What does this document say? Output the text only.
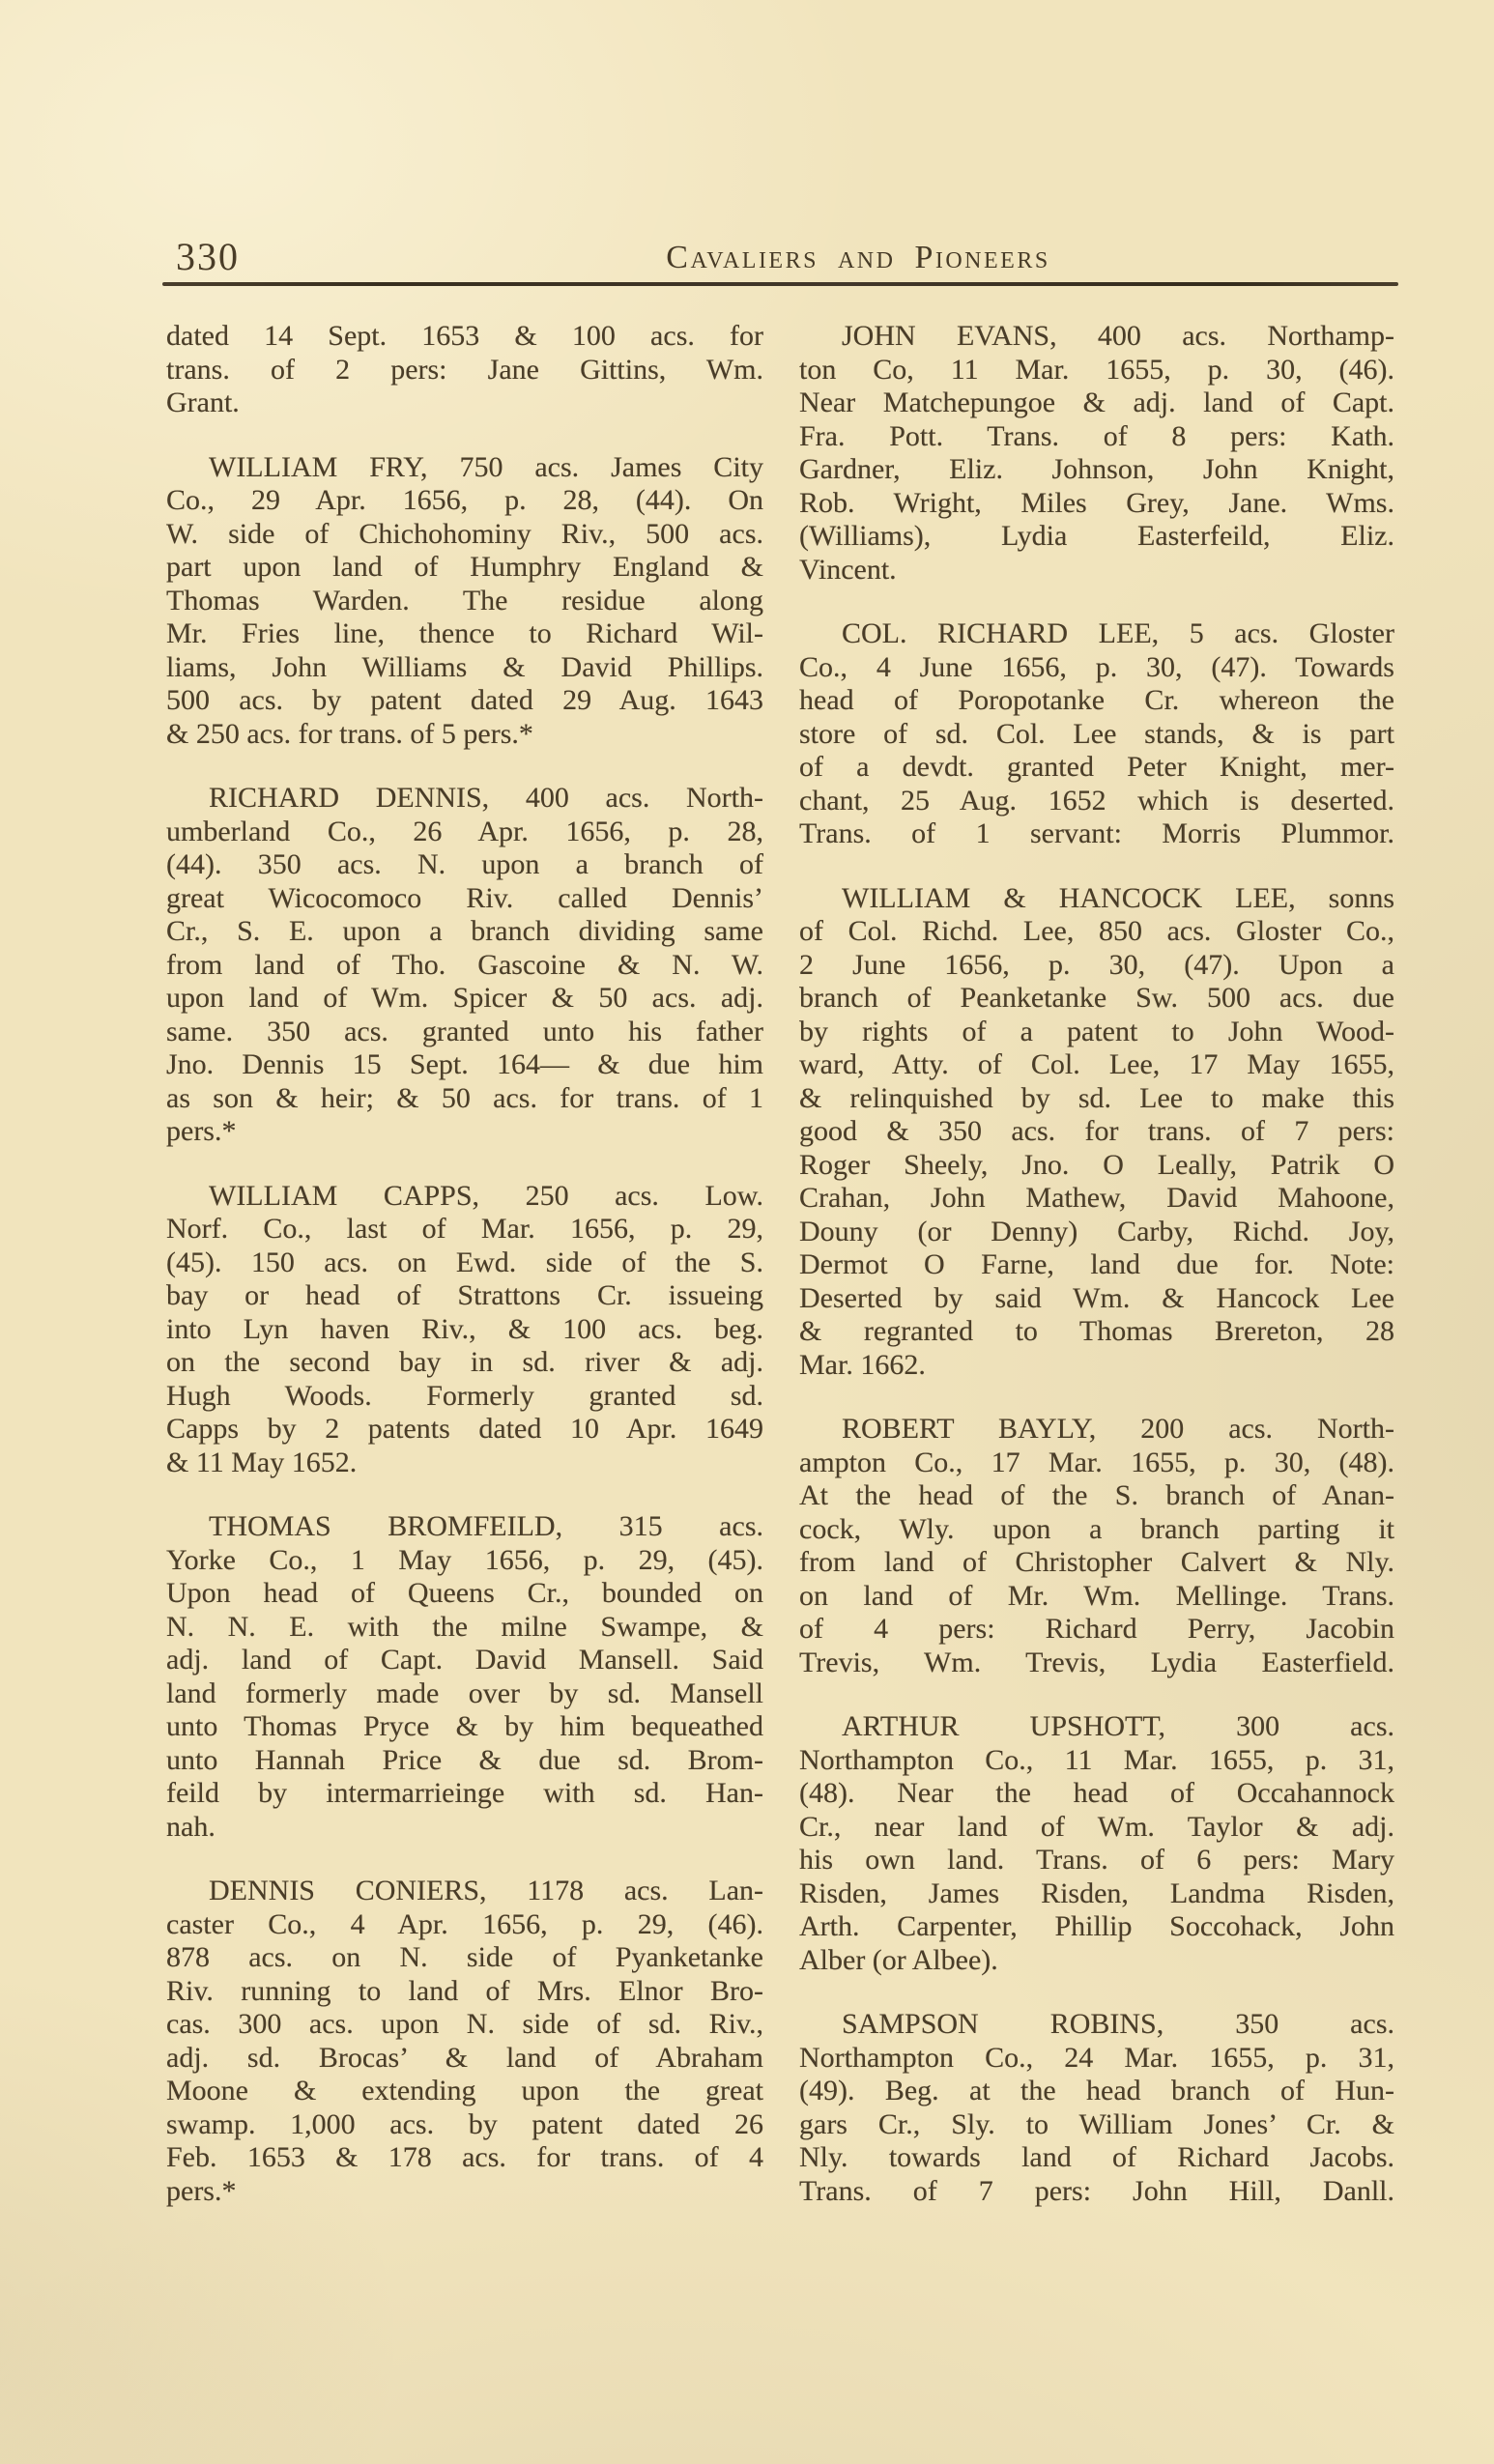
330	Cavaliers and Pioneers

dated 14 Sept. 1653 & 100 acs. for
trans. of 2 pers: Jane Gittins, Wm.
Grant.

WILLIAM FRY, 750 acs. James City
Co., 29 Apr. 1656, p. 28, (44). On
W. side of Chichohominy Riv., 500 acs.
part upon land of Humphry England &
Thomas Warden. The residue along
Mr. Fries line, thence to Richard Wil-
liams, John Williams & David Phillips.
500 acs. by patent dated 29 Aug. 1643
& 250 acs. for trans. of 5 pers.*

RICHARD DENNIS, 400 acs. North-
umberland Co., 26 Apr. 1656, p. 28,
(44). 350 acs. N. upon a branch of
great Wicocomoco Riv. called Dennis’
Cr., S. E. upon a branch dividing same
from land of Tho. Gascoine & N. W.
upon land of Wm. Spicer & 50 acs. adj.
same. 350 acs. granted unto his father
Jno. Dennis 15 Sept. 164— & due him
as son & heir; & 50 acs. for trans. of 1
pers.*

WILLIAM CAPPS, 250 acs. Low.
Norf. Co., last of Mar. 1656, p. 29,
(45). 150 acs. on Ewd. side of the S.
bay or head of Strattons Cr. issueing
into Lyn haven Riv., & 100 acs. beg.
on the second bay in sd. river & adj.
Hugh Woods. Formerly granted sd.
Capps by 2 patents dated 10 Apr. 1649
& 11 May 1652.

THOMAS BROMFEILD, 315 acs.
Yorke Co., 1 May 1656, p. 29, (45).
Upon head of Queens Cr., bounded on
N. N. E. with the milne Swampe, &
adj. land of Capt. David Mansell. Said
land formerly made over by sd. Mansell
unto Thomas Pryce & by him bequeathed
unto Hannah Price & due sd. Brom-
feild by intermarrieinge with sd. Han-
nah.

DENNIS CONIERS, 1178 acs. Lan-
caster Co., 4 Apr. 1656, p. 29, (46).
878 acs. on N. side of Pyanketanke
Riv. running to land of Mrs. Elnor Bro-
cas. 300 acs. upon N. side of sd. Riv.,
adj. sd. Brocas’ & land of Abraham
Moone & extending upon the great
swamp. 1,000 acs. by patent dated 26
Feb. 1653 & 178 acs. for trans. of 4
pers.*

JOHN EVANS, 400 acs. Northamp-
ton Co, 11 Mar. 1655, p. 30, (46).
Near Matchepungoe & adj. land of Capt.
Fra. Pott. Trans. of 8 pers: Kath.
Gardner, Eliz. Johnson, John Knight,
Rob. Wright, Miles Grey, Jane. Wms.
(Williams), Lydia Easterfeild, Eliz.
Vincent.

COL. RICHARD LEE, 5 acs. Gloster
Co., 4 June 1656, p. 30, (47). Towards
head of Poropotanke Cr. whereon the
store of sd. Col. Lee stands, & is part
of a devdt. granted Peter Knight, mer-
chant, 25 Aug. 1652 which is deserted.
Trans. of 1 servant: Morris Plummor.

WILLIAM & HANCOCK LEE, sonns
of Col. Richd. Lee, 850 acs. Gloster Co.,
2 June 1656, p. 30, (47). Upon a
branch of Peanketanke Sw. 500 acs. due
by rights of a patent to John Wood-
ward, Atty. of Col. Lee, 17 May 1655,
& relinquished by sd. Lee to make this
good & 350 acs. for trans. of 7 pers:
Roger Sheely, Jno. O Leally, Patrik O
Crahan, John Mathew, David Mahoone,
Douny (or Denny) Carby, Richd. Joy,
Dermot O Farne, land due for. Note:
Deserted by said Wm. & Hancock Lee
& regranted to Thomas Brereton, 28
Mar. 1662.

ROBERT BAYLY, 200 acs. North-
ampton Co., 17 Mar. 1655, p. 30, (48).
At the head of the S. branch of Anan-
cock, Wly. upon a branch parting it
from land of Christopher Calvert & Nly.
on land of Mr. Wm. Mellinge. Trans.
of 4 pers: Richard Perry, Jacobin
Trevis, Wm. Trevis, Lydia Easterfield.

ARTHUR UPSHOTT, 300 acs.
Northampton Co., 11 Mar. 1655, p. 31,
(48). Near the head of Occahannock
Cr., near land of Wm. Taylor & adj.
his own land. Trans. of 6 pers: Mary
Risden, James Risden, Landma Risden,
Arth. Carpenter, Phillip Soccohack, John
Alber (or Albee).

SAMPSON ROBINS, 350 acs.
Northampton Co., 24 Mar. 1655, p. 31,
(49). Beg. at the head branch of Hun-
gars Cr., Sly. to William Jones’ Cr. &
Nly. towards land of Richard Jacobs.
Trans. of 7 pers: John Hill, Danll.
